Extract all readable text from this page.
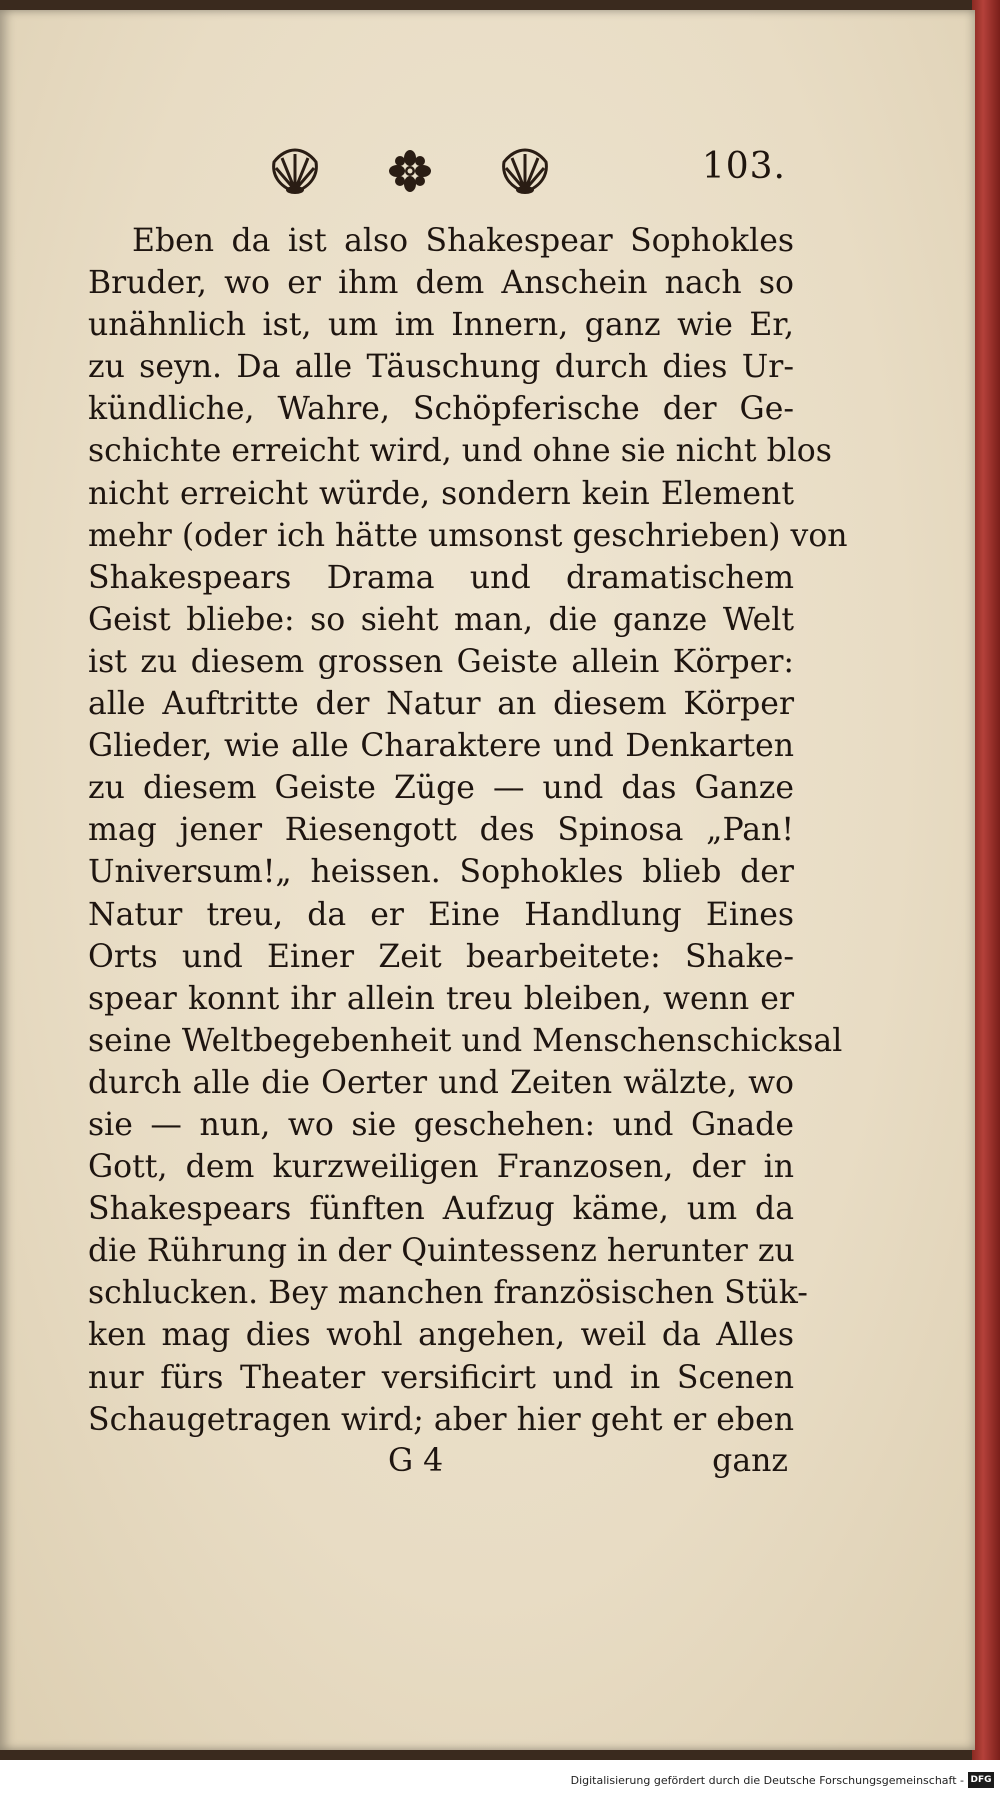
103.
Eben da ist also Shakespear Sophokles
Bruder, wo er ihm dem Anschein nach so
unähnlich ist, um im Innern, ganz wie Er,
zu seyn. Da alle Täuschung durch dies Ur-
kündliche, Wahre, Schöpferische der Ge-
schichte erreicht wird, und ohne sie nicht blos
nicht erreicht würde, sondern kein Element
mehr (oder ich hätte umsonst geschrieben) von
Shakespears Drama und dramatischem
Geist bliebe: so sieht man, die ganze Welt
ist zu diesem grossen Geiste allein Körper:
alle Auftritte der Natur an diesem Körper
Glieder, wie alle Charaktere und Denkarten
zu diesem Geiste Züge — und das Ganze
mag jener Riesengott des Spinosa „Pan!
Universum!„ heissen. Sophokles blieb der
Natur treu, da er Eine Handlung Eines
Orts und Einer Zeit bearbeitete: Shake-
spear konnt ihr allein treu bleiben, wenn er
seine Weltbegebenheit und Menschenschicksal
durch alle die Oerter und Zeiten wälzte, wo
sie — nun, wo sie geschehen: und Gnade
Gott, dem kurzweiligen Franzosen, der in
Shakespears fünften Aufzug käme, um da
die Rührung in der Quintessenz herunter zu
schlucken. Bey manchen französischen Stük-
ken mag dies wohl angehen, weil da Alles
nur fürs Theater versificirt und in Scenen
Schaugetragen wird; aber hier geht er eben
G 4	ganz
Digitalisierung gefördert durch die Deutsche Forschungsgemeinschaft - DFG
